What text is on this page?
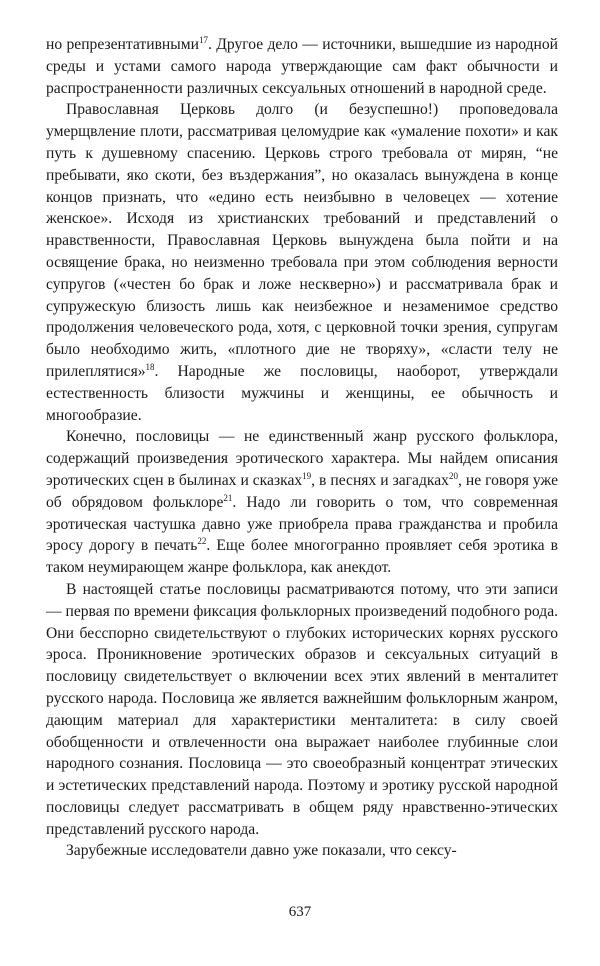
но репрезентативными$^{17}$. Другое дело — источники, вышедшие из народной среды и устами самого народа утверждающие сам факт обычности и распространенности различных сексуальных отношений в народной среде.

Православная Церковь долго (и безуспешно!) проповедовала умерщвление плоти, рассматривая целомудрие как «умаление похоти» и как путь к душевному спасению. Церковь строго требовала от мирян, “не пребывати, яко скоти, без въздержания”, но оказалась вынуждена в конце концов признать, что «едино есть неизбывно в человецех — хотение женское». Исходя из христианских требований и представлений о нравственности, Православная Церковь вынуждена была пойти и на освящение брака, но неизменно требовала при этом соблюдения верности супругов («честен бо брак и ложе нескверно») и рассматривала брак и супружескую близость лишь как неизбежное и незаменимое средство продолжения человеческого рода, хотя, с церковной точки зрения, супругам было необходимо жить, «плотного дие не творяху», «сласти телу не прилеплятися»$^{18}$. Народные же пословицы, наоборот, утверждали естественность близости мужчины и женщины, ее обычность и многообразие.

Конечно, пословицы — не единственный жанр русского фольклора, содержащий произведения эротического характера. Мы найдем описания эротических сцен в былинах и сказках$^{19}$, в песнях и загадках$^{20}$, не говоря уже об обрядовом фольклоре$^{21}$. Надо ли говорить о том, что современная эротическая частушка давно уже приобрела права гражданства и пробила эросу дорогу в печать$^{22}$. Еще более многогранно проявляет себя эротика в таком неумирающем жанре фольклора, как анекдот.

В настоящей статье пословицы расматриваются потому, что эти записи — первая по времени фиксация фольклорных произведений подобного рода. Они бесспорно свидетельствуют о глубоких исторических корнях русского эроса. Проникновение эротических образов и сексуальных ситуаций в пословицу свидетельствует о включении всех этих явлений в менталитет русского народа. Пословица же является важнейшим фольклорным жанром, дающим материал для характеристики менталитета: в силу своей обобщенности и отвлеченности она выражает наиболее глубинные слои народного сознания. Пословица — это своеобразный концентрат этических и эстетических представлений народа. Поэтому и эротику русской народной пословицы следует рассматривать в общем ряду нравственно-этических представлений русского народа.

Зарубежные исследователи давно уже показали, что сексу-

637
